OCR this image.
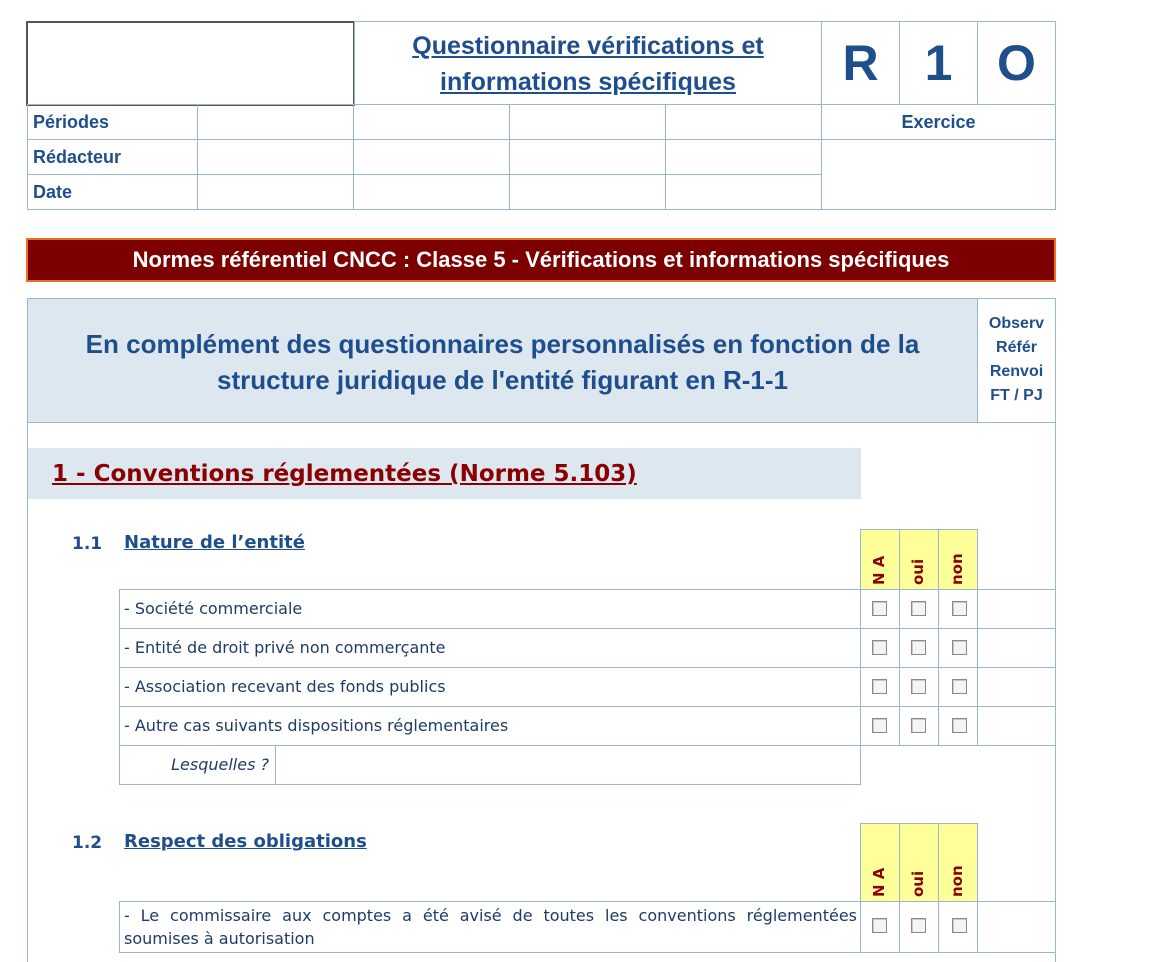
Questionnaire vérifications et
informations spécifiques	R 1 O
Périodes
Rédacteur
Date
Exercice
Normes référentiel CNCC : Classe 5 - Vérifications et informations spécifiques
En complément des questionnaires personnalisés en fonction de la
structure juridique de l'entité figurant en R-1-1
Observ
Référ
Renvoi
FT / PJ
1 - Conventions réglementées (Norme 5.103)
1.1 Nature de l’entité
N A oui non
- Société commerciale
- Entité de droit privé non commerçante
- Association recevant des fonds publics
- Autre cas suivants dispositions réglementaires
Lesquelles ?
1.2 Respect des obligations
N A oui non
- Le commissaire aux comptes a été avisé de toutes les conventions réglementées soumises à autorisation
